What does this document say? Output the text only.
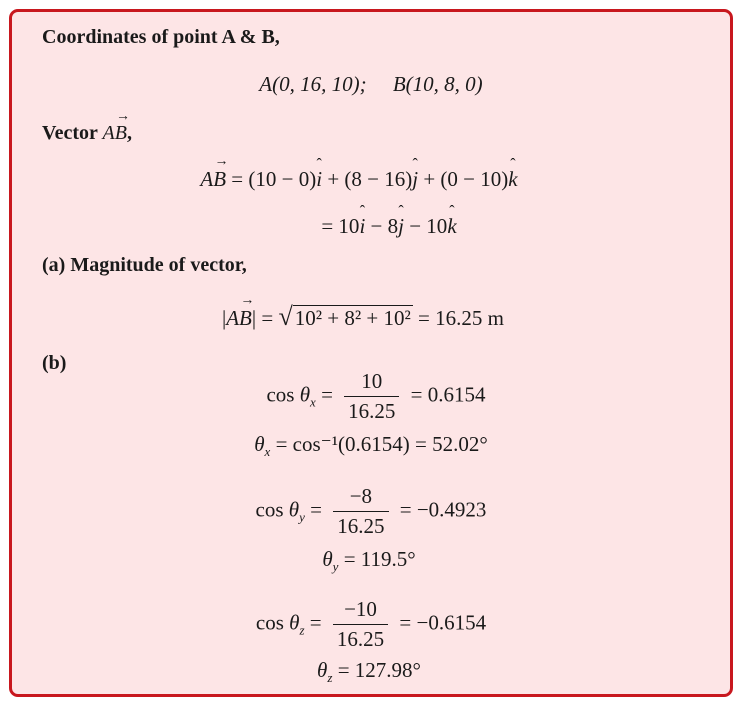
Coordinates of point A & B,
A(0, 16, 10); B(10, 8, 0)
Vector AB →,
AB → = (10 − 0)i ˆ + (8 − 16)j ˆ + (0 − 10)k ˆ
= 10i ˆ − 8j ˆ − 10k ˆ
(a) Magnitude of vector,
|AB →| = √10² + 8² + 10² = 16.25 m
(b)
$\cos \theta_x = \frac{10}{16.25} = 0.6154$
$\theta_x = \cos^{-1}(0.6154) = 52.02^\circ$
$\cos \theta_y = \frac{-8}{16.25} = -0.4923$
$\theta_y = 119.5^\circ$
$\cos \theta_z = \frac{-10}{16.25} = -0.6154$
$\theta_z = 127.98^\circ$
